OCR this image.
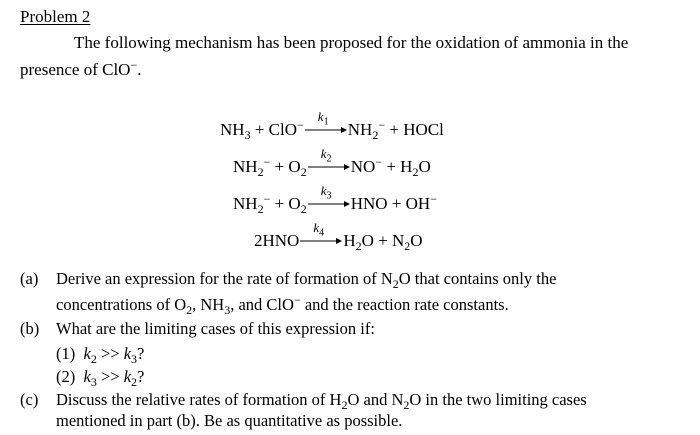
Problem 2
The following mechanism has been proposed for the oxidation of ammonia in the
presence of ClO−.
$NH_3 + ClO^-$
$k_1$ $NH_2^-$ + HOCl
$NH_2^- + O_2$
$k_2$ $NO^- + H_2O$
$NH_2^- + O_2$
$k_3$ HNO + OH−
2HNO
$k_4$ $H_2O + N_2O$
(a) Derive an expression for the rate of formation of $N_2O$ that contains only the
concentrations of $O_2$, $NH_3$, and ClO− and the reaction rate constants.
(b) What are the limiting cases of this expression if:
(1) $k_2 >> k_3$?
(2) $k_3 >> k_2$?
(c) Discuss the relative rates of formation of $H_2O$ and $N_2O$ in the two limiting cases
mentioned in part (b). Be as quantitative as possible.
